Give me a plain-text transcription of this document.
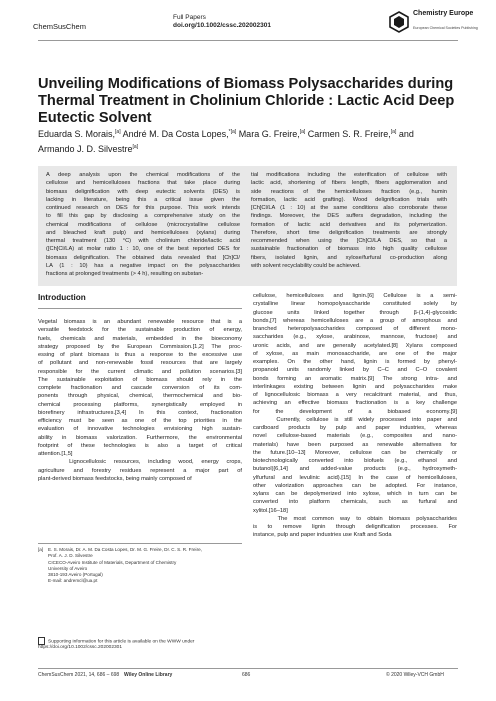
ChemSusChem
Full Papers
doi.org/10.1002/cssc.202002301
Chemistry Europe
European Chemical Societies Publishing
Unveiling Modifications of Biomass Polysaccharides during Thermal Treatment in Cholinium Chloride : Lactic Acid Deep Eutectic Solvent
Eduarda S. Morais,[a] André M. Da Costa Lopes,$^{*[a]}$ Mara G. Freire,[a] Carmen S. R. Freire,[a] and
Armando J. D. Silvestre[a]
A deep analysis upon the chemical modifications of the
cellulose and hemicelluloses fractions that take place during
biomass delignification with deep eutectic solvents (DES) is
lacking in literature, being this a critical issue given the
continued research on DES for this purpose. This work intends
to fill this gap by disclosing a comprehensive study on the
chemical modifications of cellulose (microcrystalline cellulose
and bleached kraft pulp) and hemicelluloses (xylans) during
thermal treatment (130 °C) with cholinium chloride/lactic acid
([Ch]Cl/LA) at molar ratio 1 : 10, one of the best reported DES for
biomass delignification. The obtained data revealed that [Ch]Cl/
LA (1 : 10) has a negative impact on the polysaccharides
fractions at prolonged treatments (> 4 h), resulting on substan-
tial modifications including the esterification of cellulose with
lactic acid, shortening of fibers length, fibers agglomeration and
side reactions of the hemicelluloses fraction (e.g., humin
formation, lactic acid grafting). Wood delignification trials with
[Ch]Cl/LA (1 : 10) at the same conditions also corroborate these
findings. Moreover, the DES suffers degradation, including the
formation of lactic acid derivatives and its polymerization.
Therefore, short time delignification treatments are strongly
recommended when using the [Ch]Cl/LA DES, so that a
sustainable fractionation of biomass into high quality cellulose
fibers, isolated lignin, and xylose/furfural co-production along
with solvent recyclability could be achieved.
Introduction
Vegetal biomass is an abundant renewable resource that is a
versatile feedstock for the sustainable production of energy,
fuels, chemicals and materials, embedded in the bioeconomy
strategy proposed by the European Commission.[1,2] The proc-
essing of plant biomass is thus a response to the excessive use
of pollutant and non-renewable fossil resources that are largely
responsible for the current climatic and pollution scenarios.[3]
The sustainable exploitation of biomass should rely in the
complete fractionation and cascade conversion of its com-
ponents through physical, chemical, thermochemical and bio-
chemical processing platforms, synergistically employed in
biorefinery infrastructures.[3,4] In this context, fractionation
efficiency must be seen as one of the top priorities in the
evaluation of innovative technologies envisioning high sustain-
ability in biomass valorization. Furthermore, the environmental
footprint of these technologies is also a target of critical
attention.[1,5]
Lignocellulosic resources, including wood, energy crops,
agriculture and forestry residues represent a major part of
plant-derived biomass feedstocks, being mainly composed of
cellulose, hemicelluloses and lignin.[6] Cellulose is a semi-
crystalline linear homopolysaccharide constituted solely by
glucose units linked together through β-(1,4)-glycosidic
bonds,[7] whereas hemicelluloses are a group of amorphous and
branched heteropolysaccharides composed of different mono-
saccharides (e.g., xylose, arabinose, mannose, fructose) and
uronic acids, and are generally acetylated.[8] Xylans composed
of xylose, as main monosaccharide, are one of the major
examples. On the other hand, lignin is formed by phenyl-
propanoid units randomly linked by C–C and C–O covalent
bonds forming an aromatic matrix.[9] The strong intra- and
interlinkages existing between lignin and polysaccharides make
of lignocellulosic biomass a very recalcitrant material, and thus,
achieving an effective biomass fractionation is a key challenge
for the development of a biobased economy.[9]
Currently, cellulose is still widely processed into paper and
cardboard products by pulp and paper industries, whereas
novel cellulose-based materials (e.g., composites and nano-
materials) have been purposed as renewable alternatives for
the future.[10–13] Moreover, cellulose can be chemically or
biotechnologically converted into biofuels (e.g., ethanol and
butanol)[6,14] and added-value products (e.g., hydroxymeth-
ylfurfural and levulinic acid).[15] In the case of hemicelluloses,
other valorization approaches can be adopted. For instance,
xylans can be depolymerized into xylose, which in turn can be
converted into platform chemicals, such as furfural and
xylitol.[16–18]
The most common way to obtain biomass polysaccharides
is to remove lignin through delignification processes. For
instance, pulp and paper industries use Kraft and Soda
[a] E. S. Morais, Dr. A. M. Da Costa Lopes, Dr. M. G. Freire, Dr. C. S. R. Freire,
Prof. A. J. D. Silvestre
CICECO-Aveiro Institute of Materials, Department of Chemistry
University of Aveiro
3810-193 Aveiro (Portugal)
E-mail: andremcl@ua.pt
Supporting information for this article is available on the WWW under
https://doi.org/10.1002/cssc.202002301
ChemSusChem 2021, 14, 686 – 698 Wiley Online Library	686	© 2020 Wiley-VCH GmbH
